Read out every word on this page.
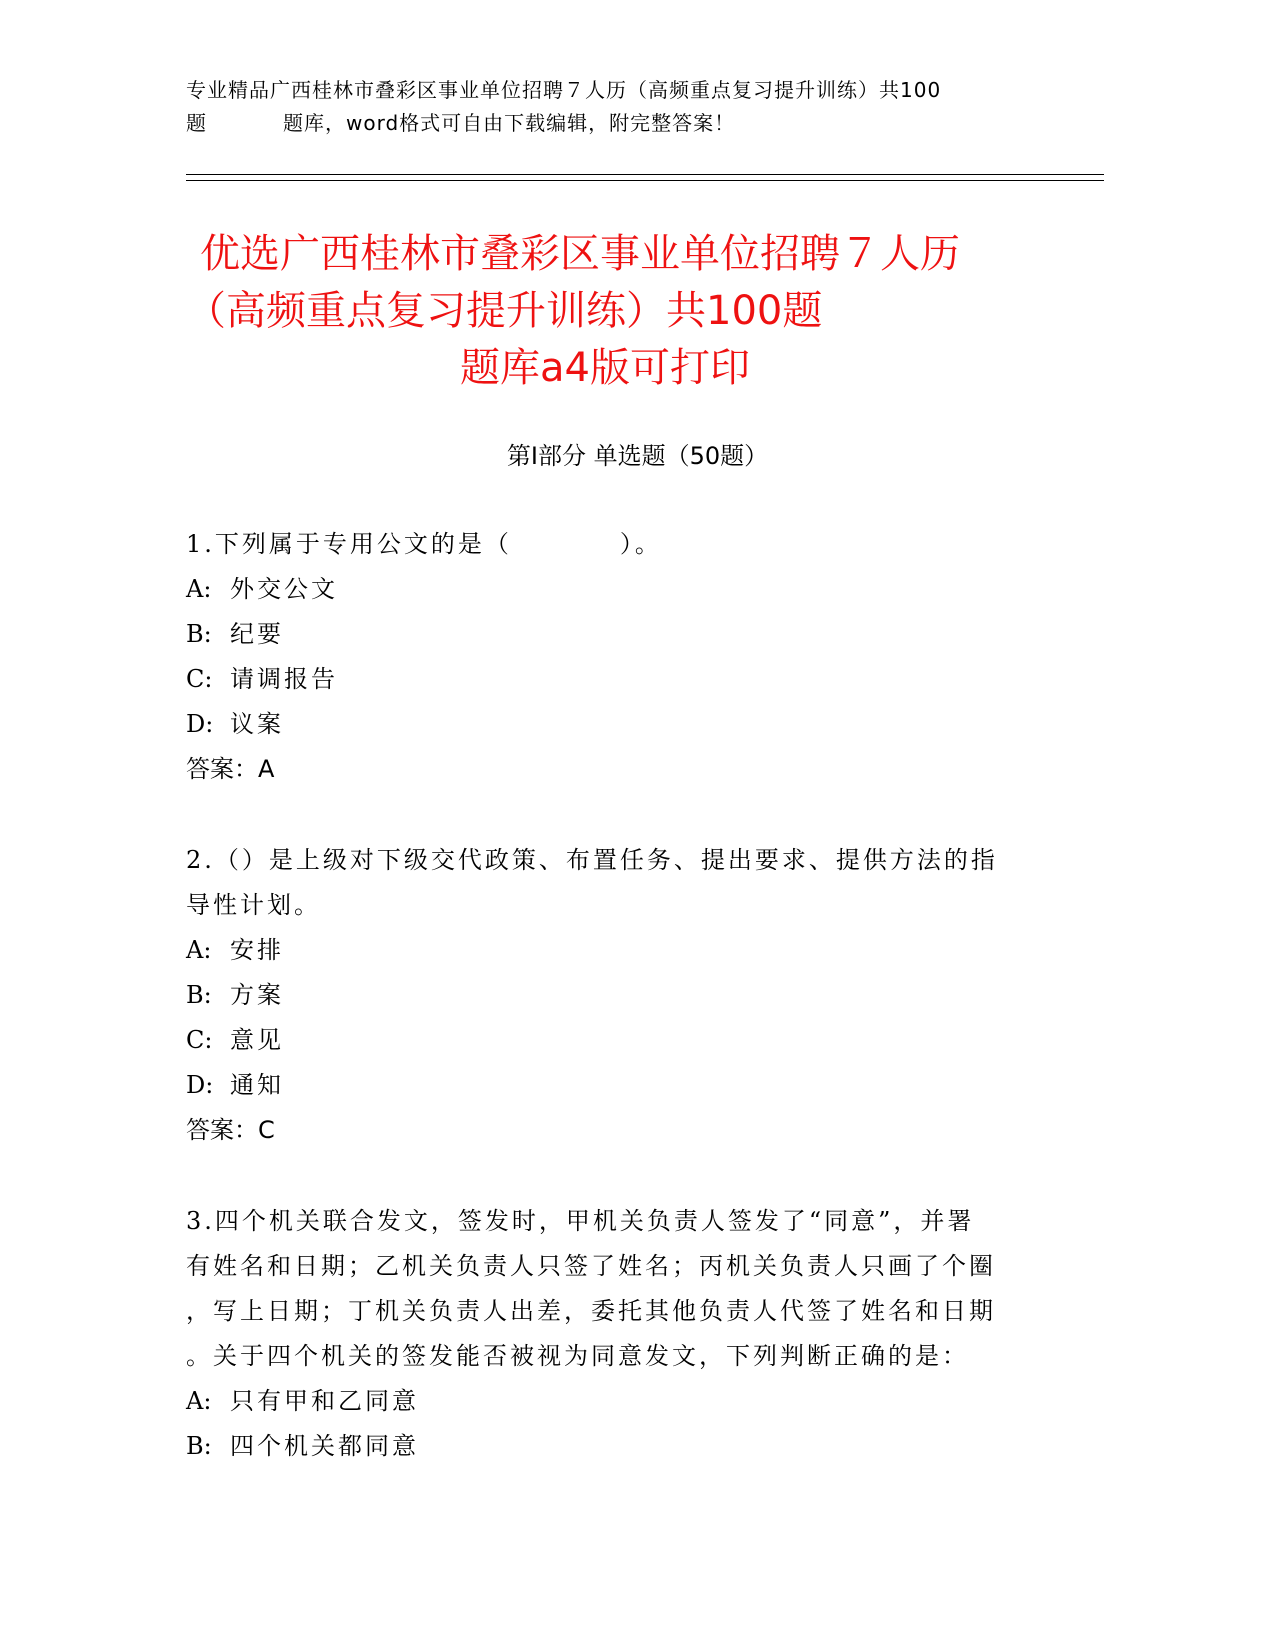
专业精品广西桂林市叠彩区事业单位招聘７人历（高频重点复习提升训练）共100
题	题库，word格式可自由下载编辑，附完整答案！
优选广西桂林市叠彩区事业单位招聘７人历
（高频重点复习提升训练）共100题
题库a4版可打印
第Ⅰ部分 单选题（50题）
1.下列属于专用公文的是（　　　　）。
A: 外交公文
B: 纪要
C: 请调报告
D: 议案
答案：A
2.（）是上级对下级交代政策、布置任务、提出要求、提供方法的指
导性计划。
A: 安排
B: 方案
C: 意见
D: 通知
答案：C
3.四个机关联合发文，签发时，甲机关负责人签发了“同意”，并署
有姓名和日期；乙机关负责人只签了姓名；丙机关负责人只画了个圈
，写上日期；丁机关负责人出差，委托其他负责人代签了姓名和日期
。关于四个机关的签发能否被视为同意发文，下列判断正确的是：
A: 只有甲和乙同意
B: 四个机关都同意
